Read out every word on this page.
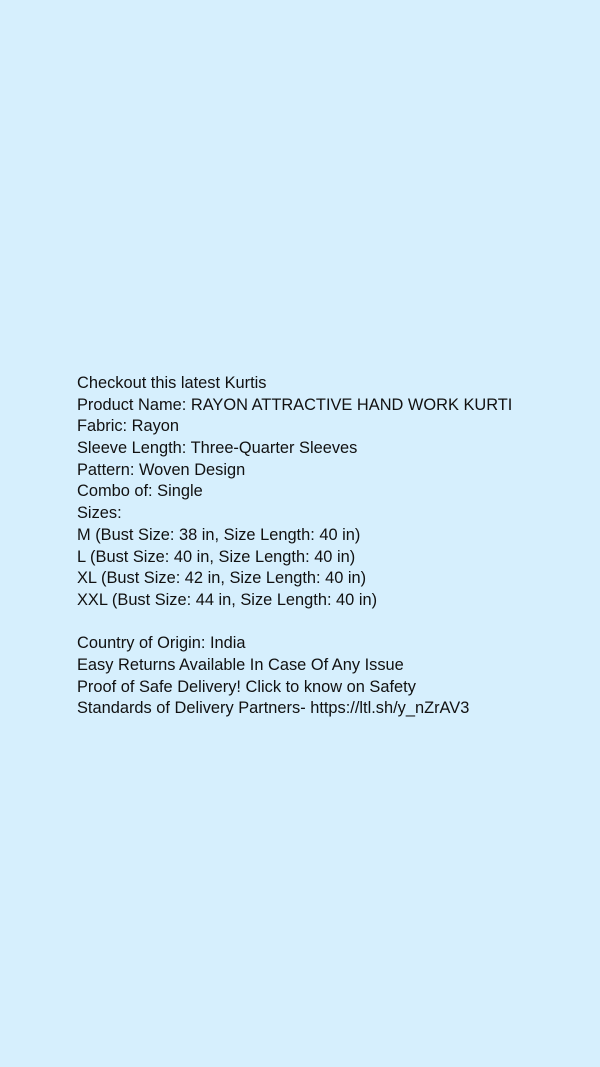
Checkout this latest Kurtis
Product Name: RAYON ATTRACTIVE HAND WORK KURTI
Fabric: Rayon
Sleeve Length: Three-Quarter Sleeves
Pattern: Woven Design
Combo of: Single
Sizes:
M (Bust Size: 38 in, Size Length: 40 in)
L (Bust Size: 40 in, Size Length: 40 in)
XL (Bust Size: 42 in, Size Length: 40 in)
XXL (Bust Size: 44 in, Size Length: 40 in)
Country of Origin: India
Easy Returns Available In Case Of Any Issue
Proof of Safe Delivery! Click to know on Safety
Standards of Delivery Partners- https://ltl.sh/y_nZrAV3
